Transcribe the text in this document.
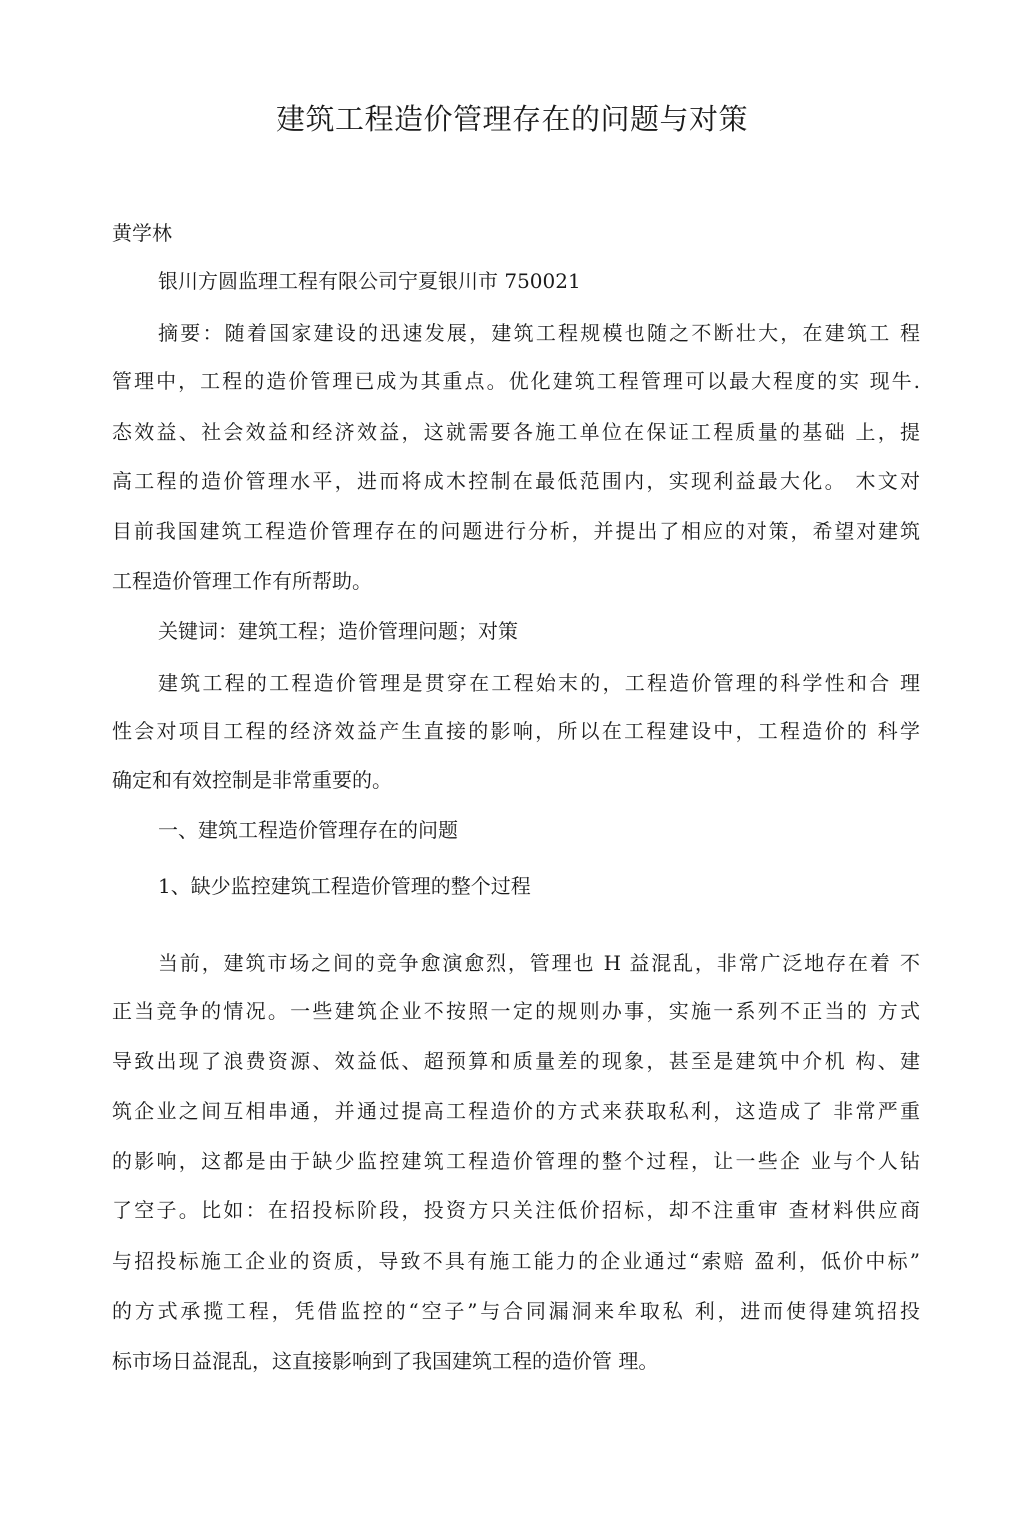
建筑工程造价管理存在的问题与对策

黄学林

银川方圆监理工程有限公司宁夏银川市 750021

摘要：随着国家建设的迅速发展，建筑工程规模也随之不断壮大，在建筑工 程

管理中，工程的造价管理已成为其重点。优化建筑工程管理可以最大程度的实 现牛.

态效益、社会效益和经济效益，这就需要各施工单位在保证工程质量的基础 上，提

高工程的造价管理水平，进而将成木控制在最低范围内，实现利益最大化。 木文对

目前我国建筑工程造价管理存在的问题进行分析，并提出了相应的对策，希望对建筑

工程造价管理工作有所帮助。

关键词：建筑工程；造价管理问题；对策

建筑工程的工程造价管理是贯穿在工程始末的，工程造价管理的科学性和合 理

性会对项目工程的经济效益产生直接的影响，所以在工程建设中，工程造价的 科学

确定和有效控制是非常重要的。

一、建筑工程造价管理存在的问题

1、缺少监控建筑工程造价管理的整个过程

当前，建筑市场之间的竞争愈演愈烈，管理也 H 益混乱，非常广泛地存在着 不

正当竞争的情况。一些建筑企业不按照一定的规则办事，实施一系列不正当的 方式

导致出现了浪费资源、效益低、超预算和质量差的现象，甚至是建筑中介机 构、建

筑企业之间互相串通，并通过提高工程造价的方式来获取私利，这造成了 非常严重

的影响，这都是由于缺少监控建筑工程造价管理的整个过程，让一些企 业与个人钻

了空子。比如：在招投标阶段，投资方只关注低价招标，却不注重审 查材料供应商

与招投标施工企业的资质，导致不具有施工能力的企业通过“索赔 盈利，低价中标”

的方式承揽工程，凭借监控的“空子”与合同漏洞来牟取私 利，进而使得建筑招投

标市场日益混乱，这直接影响到了我国建筑工程的造价管 理。
